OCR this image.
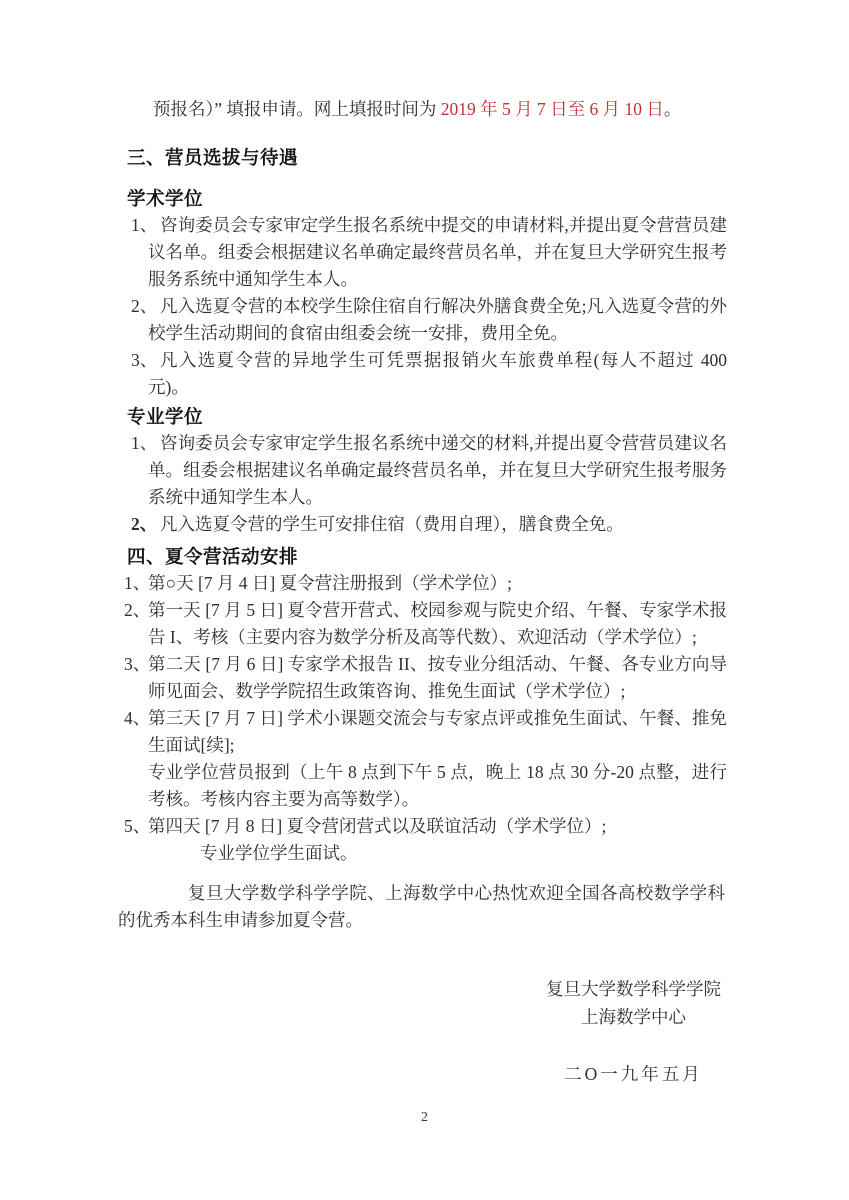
预报名）” 填报申请。网上填报时间为 2019 年 5 月 7 日至 6 月 10 日。

三、营员选拔与待遇
学术学位
1、 咨询委员会专家审定学生报名系统中提交的申请材料,并提出夏令营营员建议名单。组委会根据建议名单确定最终营员名单，并在复旦大学研究生报考服务系统中通知学生本人。
2、 凡入选夏令营的本校学生除住宿自行解决外膳食费全免;凡入选夏令营的外校学生活动期间的食宿由组委会统一安排，费用全免。
3、 凡入选夏令营的异地学生可凭票据报销火车旅费单程(每人不超过 400 元)。
专业学位
1、 咨询委员会专家审定学生报名系统中递交的材料,并提出夏令营营员建议名单。组委会根据建议名单确定最终营员名单，并在复旦大学研究生报考服务系统中通知学生本人。
2、 凡入选夏令营的学生可安排住宿（费用自理），膳食费全免。
四、夏令营活动安排
1、
第○天 [7 月 4 日] 夏令营注册报到（学术学位）;
2、
第一天 [7 月 5 日] 夏令营开营式、校园参观与院史介绍、午餐、专家学术报告 I、考核（主要内容为数学分析及高等代数）、欢迎活动（学术学位）;
3、
第二天 [7 月 6 日] 专家学术报告 II、按专业分组活动、午餐、各专业方向导师见面会、数学学院招生政策咨询、推免生面试（学术学位）;
4、
第三天 [7 月 7 日] 学术小课题交流会与专家点评或推免生面试、午餐、推免生面试[续];
专业学位营员报到（上午 8 点到下午 5 点，晚上 18 点 30 分-20 点整，进行考核。考核内容主要为高等数学）。
5、
第四天 [7 月 8 日] 夏令营闭营式以及联谊活动（学术学位）;
专业学位学生面试。

复旦大学数学科学学院、上海数学中心热忱欢迎全国各高校数学学科的优秀本科生申请参加夏令营。

复旦大学数学科学学院
上海数学中心
二O一九年五月
2
